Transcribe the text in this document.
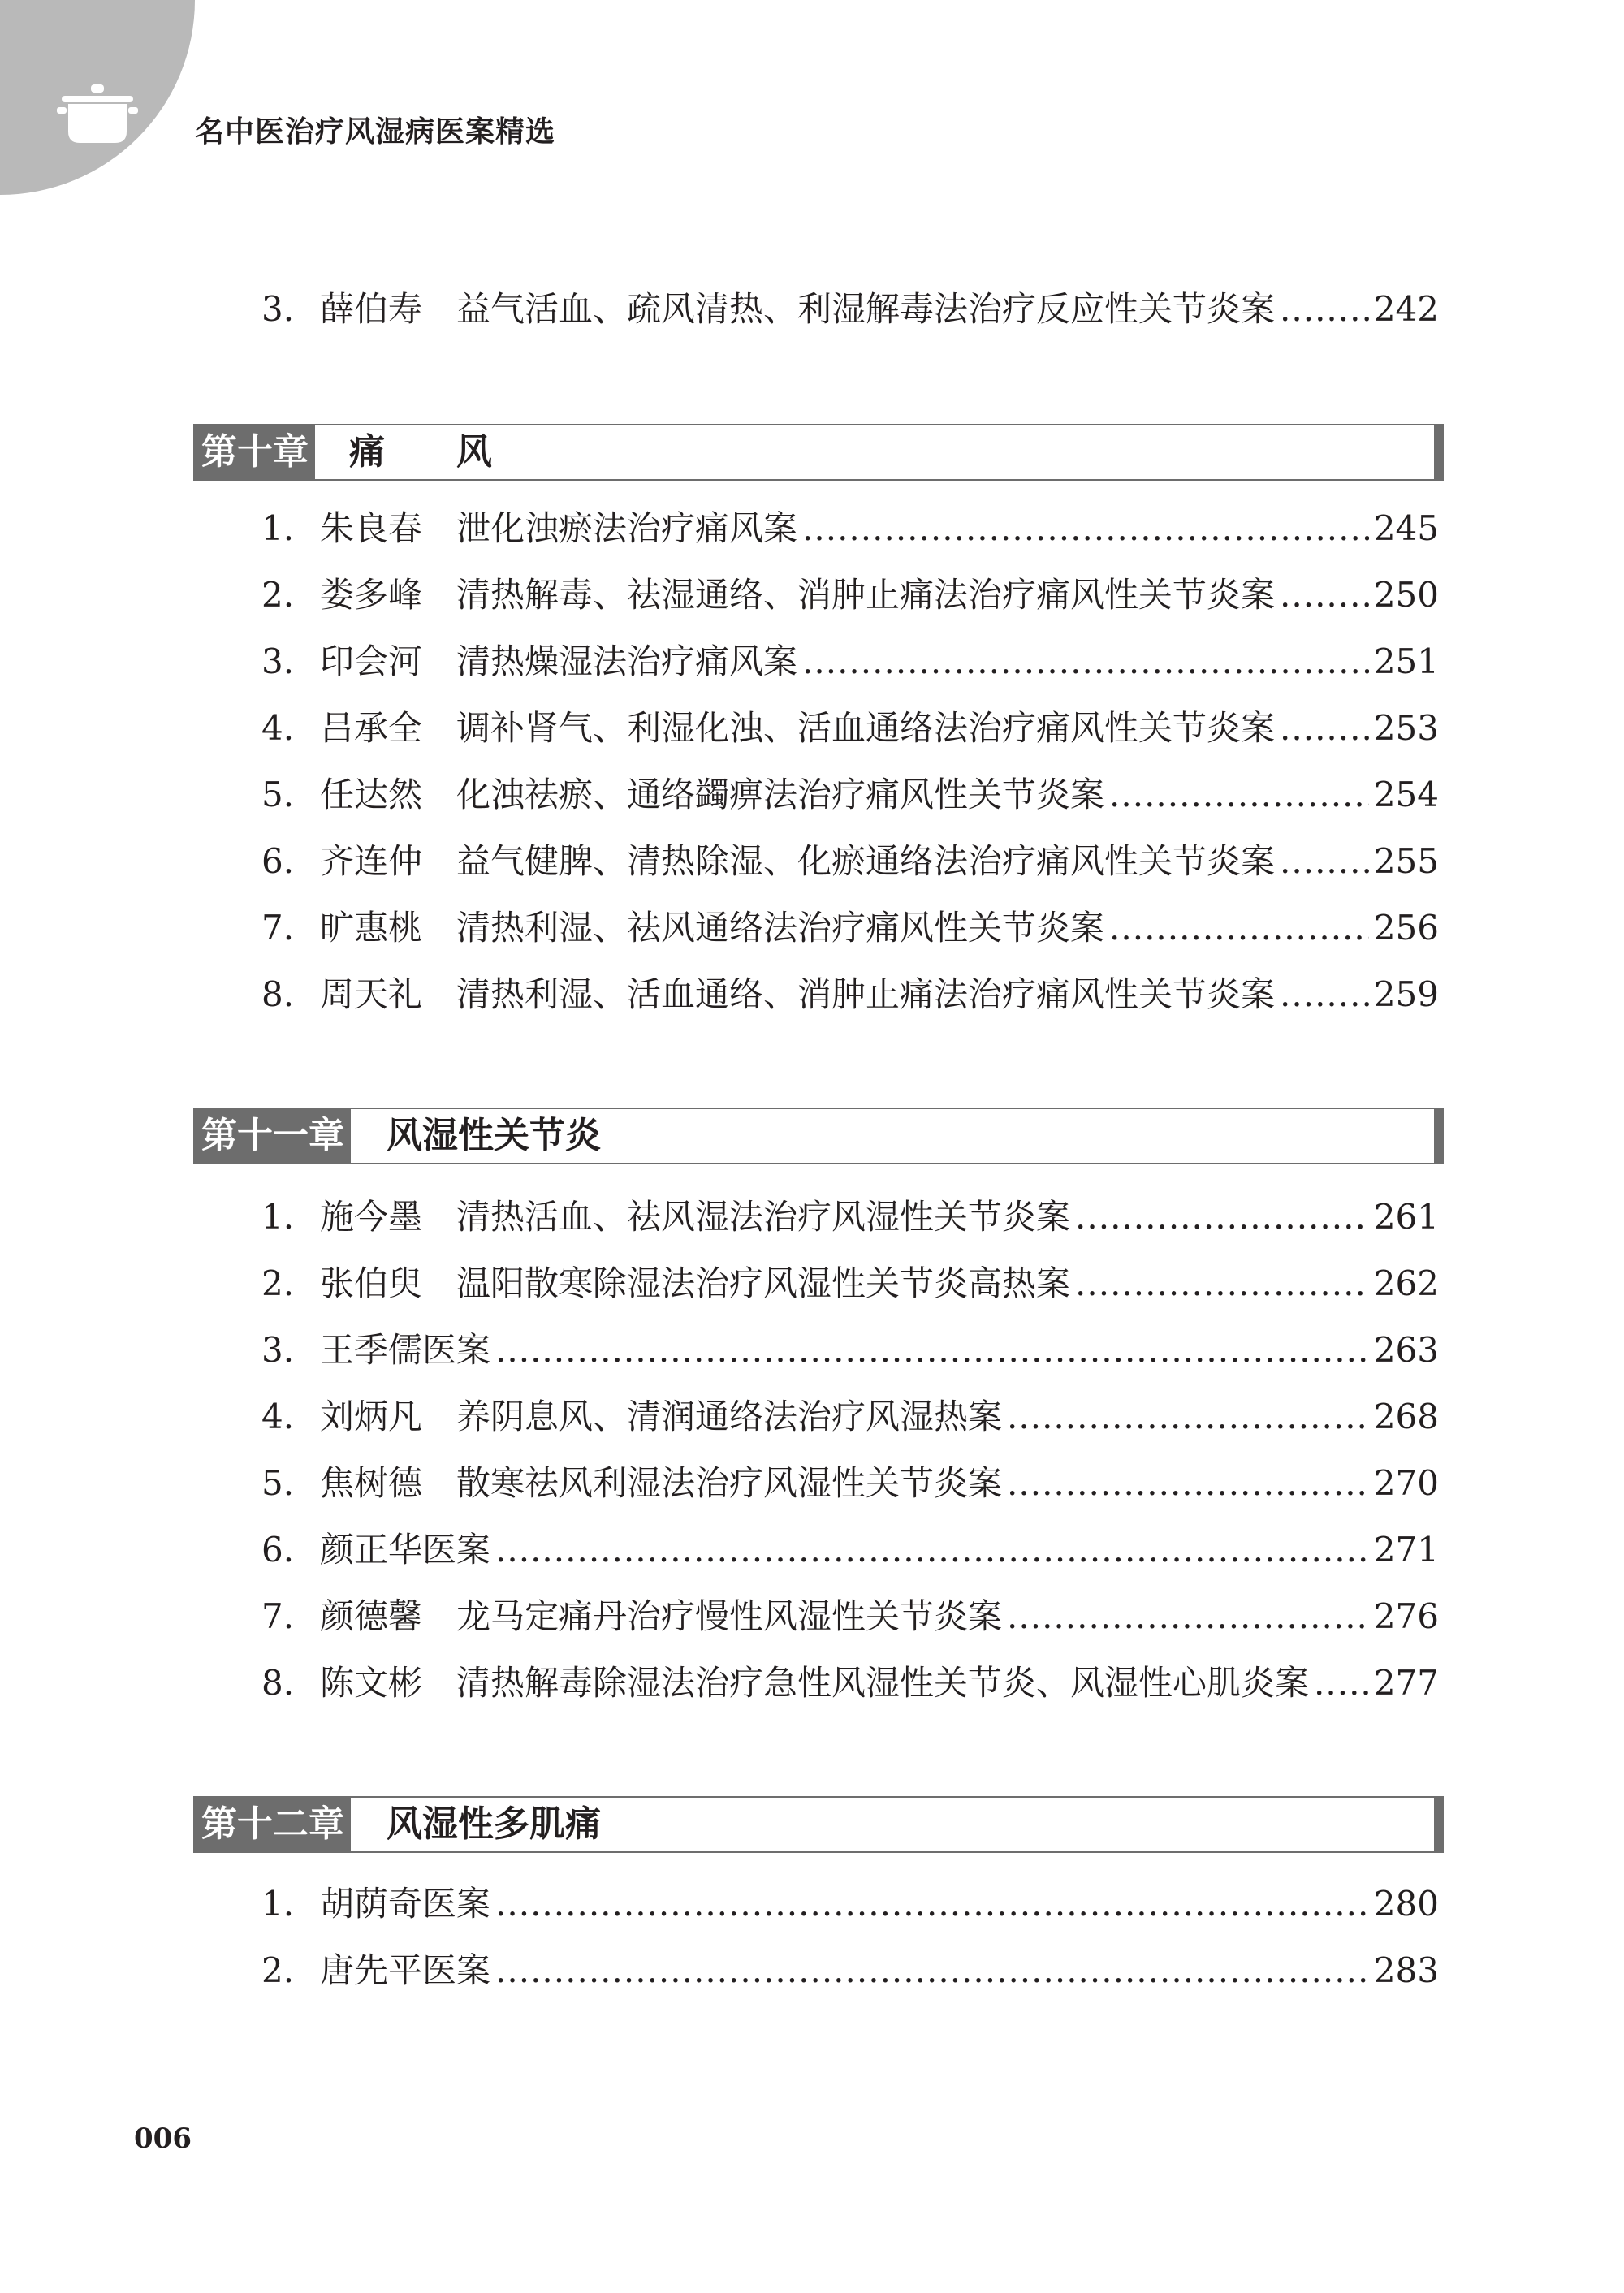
名中医治疗风湿病医案精选
3. 薛伯寿 益气活血、疏风清热、利湿解毒法治疗反应性关节炎案 .....	242
第十章 痛　　风
1. 朱良春 泄化浊瘀法治疗痛风案 .....	245
2. 娄多峰 清热解毒、祛湿通络、消肿止痛法治疗痛风性关节炎案 .....	250
3. 印会河 清热燥湿法治疗痛风案 .....	251
4. 吕承全 调补肾气、利湿化浊、活血通络法治疗痛风性关节炎案 .....	253
5. 任达然 化浊祛瘀、通络蠲痹法治疗痛风性关节炎案 .....	254
6. 齐连仲 益气健脾、清热除湿、化瘀通络法治疗痛风性关节炎案 .....	255
7. 旷惠桃 清热利湿、祛风通络法治疗痛风性关节炎案 .....	256
8. 周天礼 清热利湿、活血通络、消肿止痛法治疗痛风性关节炎案 .....	259
第十一章 风湿性关节炎
1. 施今墨 清热活血、祛风湿法治疗风湿性关节炎案 .....	261
2. 张伯臾 温阳散寒除湿法治疗风湿性关节炎高热案 .....	262
3. 王季儒医案 .....	263
4. 刘炳凡 养阴息风、清润通络法治疗风湿热案 .....	268
5. 焦树德 散寒祛风利湿法治疗风湿性关节炎案 .....	270
6. 颜正华医案 .....	271
7. 颜德馨 龙马定痛丹治疗慢性风湿性关节炎案 .....	276
8. 陈文彬 清热解毒除湿法治疗急性风湿性关节炎、风湿性心肌炎案 ..... 277
第十二章 风湿性多肌痛
1. 胡荫奇医案 .....	280
2. 唐先平医案 .....	283
006
